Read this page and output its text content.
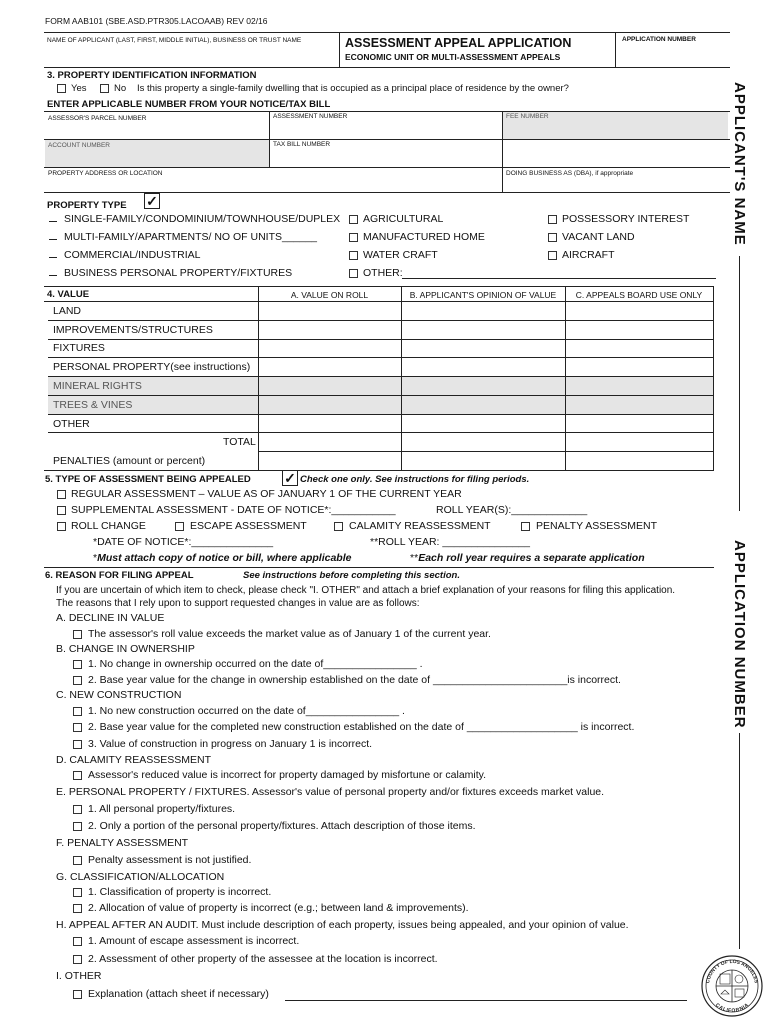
FORM AAB101 (SBE.ASD.PTR305.LACOAAB) REV 02/16
NAME OF APPLICANT (LAST, FIRST, MIDDLE INITIAL), BUSINESS OR TRUST NAME	ASSESSMENT APPEAL APPLICATION
ECONOMIC UNIT OR MULTI-ASSESSMENT APPEALS
APPLICATION NUMBER
3. PROPERTY IDENTIFICATION INFORMATION
Yes	No Is this property a single-family dwelling that is occupied as a principal place of residence by the owner?
ENTER APPLICABLE NUMBER FROM YOUR NOTICE/TAX BILL
ASSESSOR'S PARCEL NUMBER	ASSESSMENT NUMBER	FEE NUMBER
ACCOUNT NUMBER	TAX BILL NUMBER
PROPERTY ADDRESS OR LOCATION	DOING BUSINESS AS (DBA), if appropriate
PROPERTY TYPE ✓
SINGLE-FAMILY/CONDOMINIUM/TOWNHOUSE/DUPLEX
MULTI-FAMILY/APARTMENTS/ NO OF UNITS______
COMMERCIAL/INDUSTRIAL
BUSINESS PERSONAL PROPERTY/FIXTURES
AGRICULTURAL
MANUFACTURED HOME
WATER CRAFT
OTHER:
POSSESSORY INTEREST
VACANT LAND
AIRCRAFT
4. VALUE	A. VALUE ON ROLL	B. APPLICANT'S OPINION OF VALUE	C. APPEALS BOARD USE ONLY
LAND
IMPROVEMENTS/STRUCTURES
FIXTURES
PERSONAL PROPERTY(see instructions)
MINERAL RIGHTS
TREES & VINES
OTHER
TOTAL
PENALTIES (amount or percent)
5. TYPE OF ASSESSMENT BEING APPEALED ✓ Check one only. See instructions for filing periods.
REGULAR ASSESSMENT – VALUE AS OF JANUARY 1 OF THE CURRENT YEAR
SUPPLEMENTAL ASSESSMENT - DATE OF NOTICE*:___________	ROLL YEAR(S):_____________
ROLL CHANGE	ESCAPE ASSESSMENT	CALAMITY REASSESSMENT	PENALTY ASSESSMENT
*DATE OF NOTICE*:______________	**ROLL YEAR: _______________
*Must attach copy of notice or bill, where applicable	**Each roll year requires a separate application
6. REASON FOR FILING APPEAL	See instructions before completing this section.
If you are uncertain of which item to check, please check "I. OTHER" and attach a brief explanation of your reasons for filing this application.
The reasons that I rely upon to support requested changes in value are as follows:
A. DECLINE IN VALUE
The assessor's roll value exceeds the market value as of January 1 of the current year.
B. CHANGE IN OWNERSHIP
1. No change in ownership occurred on the date of________________ .
2. Base year value for the change in ownership established on the date of _______________________is incorrect.
C. NEW CONSTRUCTION
1. No new construction occurred on the date of________________ .
2. Base year value for the completed new construction established on the date of ___________________ is incorrect.
3. Value of construction in progress on January 1 is incorrect.
D. CALAMITY REASSESSMENT
Assessor's reduced value is incorrect for property damaged by misfortune or calamity.
E. PERSONAL PROPERTY / FIXTURES. Assessor's value of personal property and/or fixtures exceeds market value.
1. All personal property/fixtures.
2. Only a portion of the personal property/fixtures. Attach description of those items.
F. PENALTY ASSESSMENT
Penalty assessment is not justified.
G. CLASSIFICATION/ALLOCATION
1. Classification of property is incorrect.
2. Allocation of value of property is incorrect (e.g.; between land & improvements).
H. APPEAL AFTER AN AUDIT. Must include description of each property, issues being appealed, and your opinion of value.
1. Amount of escape assessment is incorrect.
2. Assessment of other property of the assessee at the location is incorrect.
I. OTHER
Explanation (attach sheet if necessary)
APPLICANT'S NAME
APPLICATION NUMBER
COUNTY OF LOS ANGELES
CALIFORNIA
